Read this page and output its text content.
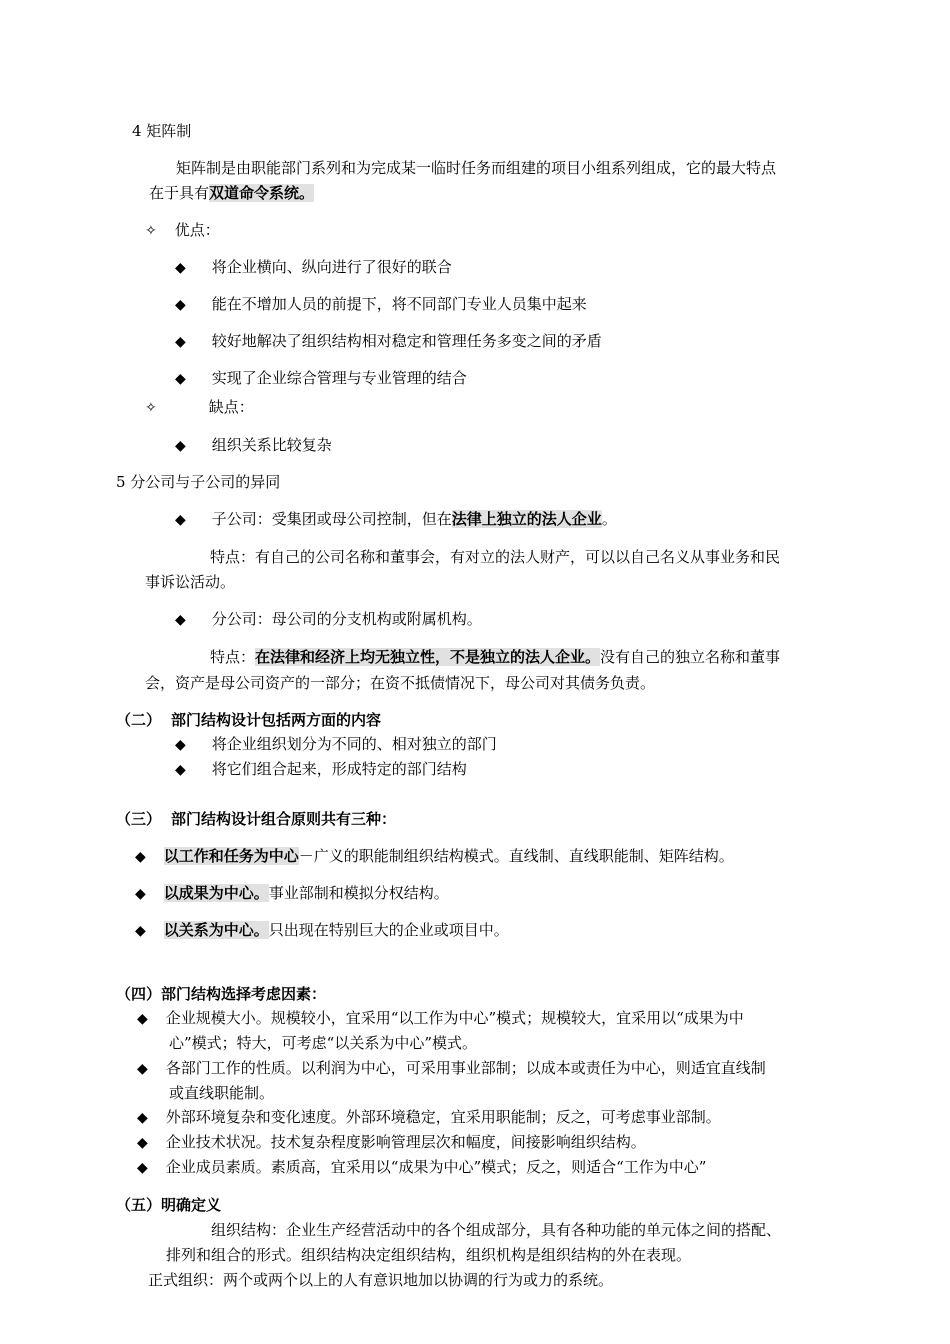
4 矩阵制
矩阵制是由职能部门系列和为完成某一临时任务而组建的项目小组系列组成，它的最大特点
在于具有双道命令系统。
✧ 优点：
◆ 将企业横向、纵向进行了很好的联合
◆ 能在不增加人员的前提下，将不同部门专业人员集中起来
◆ 较好地解决了组织结构相对稳定和管理任务多变之间的矛盾
◆ 实现了企业综合管理与专业管理的结合
✧	缺点：
◆ 组织关系比较复杂
5 分公司与子公司的异同
◆ 子公司：受集团或母公司控制，但在法律上独立的法人企业。
特点：有自己的公司名称和董事会，有对立的法人财产，可以以自己名义从事业务和民
事诉讼活动。
◆ 分公司：母公司的分支机构或附属机构。
特点：在法律和经济上均无独立性，不是独立的法人企业。没有自己的独立名称和董事
会，资产是母公司资产的一部分；在资不抵债情况下，母公司对其债务负责。
（二） 部门结构设计包括两方面的内容
◆ 将企业组织划分为不同的、相对独立的部门
◆ 将它们组合起来，形成特定的部门结构
（三） 部门结构设计组合原则共有三种：
◆ 以工作和任务为中心－广义的职能制组织结构模式。直线制、直线职能制、矩阵结构。
◆ 以成果为中心。事业部制和模拟分权结构。
◆ 以关系为中心。只出现在特别巨大的企业或项目中。
（四）部门结构选择考虑因素：
◆ 企业规模大小。规模较小，宜采用“以工作为中心”模式；规模较大，宜采用以“成果为中
心”模式；特大，可考虑“以关系为中心”模式。
◆ 各部门工作的性质。以利润为中心，可采用事业部制；以成本或责任为中心，则适宜直线制
或直线职能制。
◆ 外部环境复杂和变化速度。外部环境稳定，宜采用职能制；反之，可考虑事业部制。
◆ 企业技术状况。技术复杂程度影响管理层次和幅度，间接影响组织结构。
◆ 企业成员素质。素质高，宜采用以“成果为中心”模式；反之，则适合“工作为中心”
（五）明确定义
组织结构：企业生产经营活动中的各个组成部分，具有各种功能的单元体之间的搭配、
排列和组合的形式。组织结构决定组织结构，组织机构是组织结构的外在表现。
正式组织：两个或两个以上的人有意识地加以协调的行为或力的系统。
